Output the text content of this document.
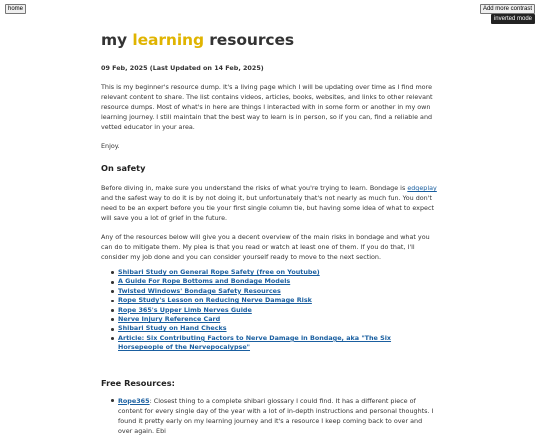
home	Add more contrast
inverted mode
my learning resources
09 Feb, 2025 (Last Updated on 14 Feb, 2025)

This is my beginner's resource dump. It's a living page which I will be updating over time as I find more relevant content to share. The list contains videos, articles, books, websites, and links to other relevant resource dumps. Most of what's in here are things I interacted with in some form or another in my own learning journey. I still maintain that the best way to learn is in person, so if you can, find a reliable and vetted educator in your area.

Enjoy.

On safety

Before diving in, make sure you understand the risks of what you're trying to learn. Bondage is edgeplay and the safest way to do it is by not doing it, but unfortunately that's not nearly as much fun. You don't need to be an expert before you tie your first single column tie, but having some idea of what to expect will save you a lot of grief in the future.

Any of the resources below will give you a decent overview of the main risks in bondage and what you can do to mitigate them. My plea is that you read or watch at least one of them. If you do that, I'll consider my job done and you can consider yourself ready to move to the next section.

Shibari Study on General Rope Safety (free on Youtube)
A Guide For Rope Bottoms and Bondage Models
Twisted Windows' Bondage Safety Resources
Rope Study's Lesson on Reducing Nerve Damage Risk
Rope 365's Upper Limb Nerves Guide
Nerve Injury Reference Card
Shibari Study on Hand Checks
Article: Six Contributing Factors to Nerve Damage in Bondage, aka "The Six Horsepeople of the Nervepocalypse"
Free Resources:
Rope365: Closest thing to a complete shibari glossary I could find. It has a different piece of content for every single day of the year with a lot of in-depth instructions and personal thoughts. I found it pretty early on my learning journey and it's a resource I keep coming back to over and over again. Ebi
